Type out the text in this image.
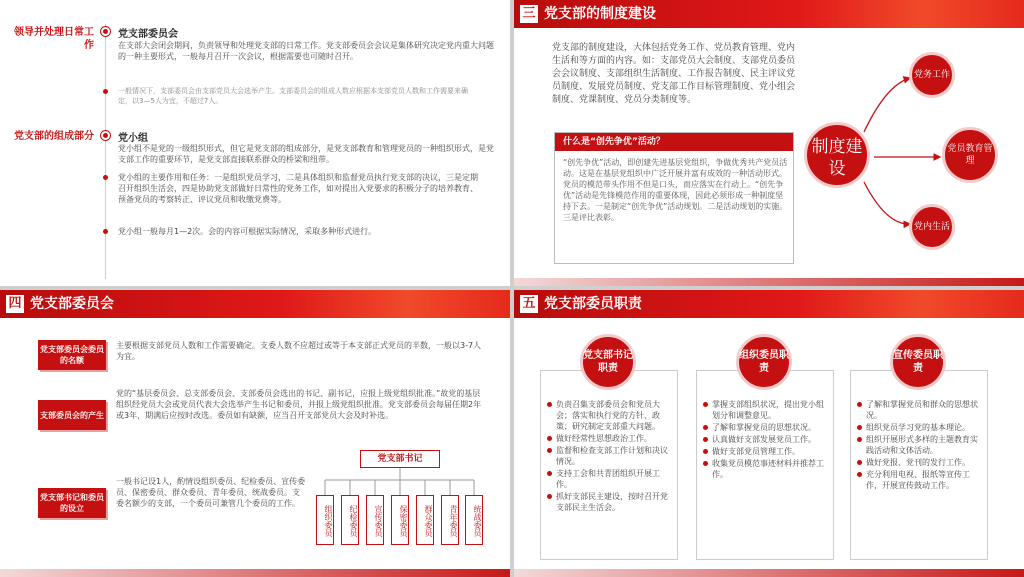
领导并处理日常工作
党支部的组成部分
党支部委员会
在支部大会闭会期间，负责领导和处理党支部的日常工作。党支部委员会会议是集体研究决定党内重大问题的一种主要形式，一般每月召开一次会议，根据需要也可随时召开。
一般情况下，支部委员会由支部党员大会选举产生。支部委员会的组成人数应根据本支部党员人数和工作需要来确定，以3—5人为宜，不超过7人。
党小组
党小组不是党的一级组织形式，但它是党支部的组成部分，是党支部教育和管理党员的一种组织形式，是党支部工作的重要环节，是党支部直接联系群众的桥梁和纽带。
党小组的主要作用和任务：一是组织党员学习，二是具体组织和监督党员执行党支部的决议，三是定期召开组织生活会，四是协助党支部做好日常性的党务工作，如对提出入党要求的积极分子的培养教育、预备党员的考察转正、评议党员和收缴党费等。
党小组一般每月1—2次。会的内容可根据实际情况，采取多种形式进行。
三 党支部的制度建设
党支部的制度建设，大体包括党务工作、党员教育管理、党内生活和等方面的内容。如：支部党员大会制度、支部党员委员会会议制度、支部组织生活制度、工作报告制度、民主评议党员制度、发展党员制度、党支部工作目标管理制度、党小组会制度、党课制度、党员分类制度等。
什么是“创先争优”活动？
“创先争优”活动，即创建先进基层党组织，争做优秀共产党员活动。这是在基层党组织中广泛开展并富有成效的一种活动形式。党员的模范带头作用不但是口头，而应落实在行动上。“创先争优”活动是先锋模范作用的重要体现，因此必须形成一种制度坚持下去。一是制定“创先争优”活动规划。二是活动规划的实施。三是评比表彰。
制度建设
党务工作
党员教育管理
党内生活
四 党支部委员会
党支部委员会委员的名额
主要根据支部党员人数和工作需要确定。支委人数不应超过或等于本支部正式党员的半数，一般以3-7人为宜。
支部委员会的产生
党的“基层委员会、总支部委员会、支部委员会选出的书记、副书记，应报上级党组织批准。”故党的基层组织经党员大会或党员代表大会选举产生书记和委员，并报上级党组织批准。党支部委员会每届任期2年或3年，期满后应按时改选。委员如有缺额，应当召开支部党员大会及时补选。
党支部书记和委员的设立
一般书记设1人，酌情设组织委员、纪检委员、宣传委员、保密委员、群众委员、青年委员、统战委员。支委名额少的支部，一个委员可兼管几个委员的工作。
党支部书记
组织委员	纪检委员	宣传委员	保密委员	群众委员	青年委员	统战委员
五 党支部委员职责
党支部书记职责
负责召集支部委员会和党员大会；落实和执行党的方针、政策；研究制定支部重大问题。
做好经常性思想政治工作。
监督和检查支部工作计划和决议情况。
支持工会和共青团组织开展工作。
抓好支部民主建设，按时召开党支部民主生活会。
组织委员职责
掌握支部组织状况，提出党小组划分和调整意见。
了解和掌握党员的思想状况。
认真做好支部发展党员工作。
做好支部党员管理工作。
收集党员模范事迹材料并推荐工作。
宣传委员职责
了解和掌握党员和群众的思想状况。
组织党员学习党的基本理论。
组织开展形式多样的主题教育实践活动和文体活动。
做好党报、党刊的发行工作。
充分利用电视、报纸等宣传工作，开展宣传鼓动工作。
